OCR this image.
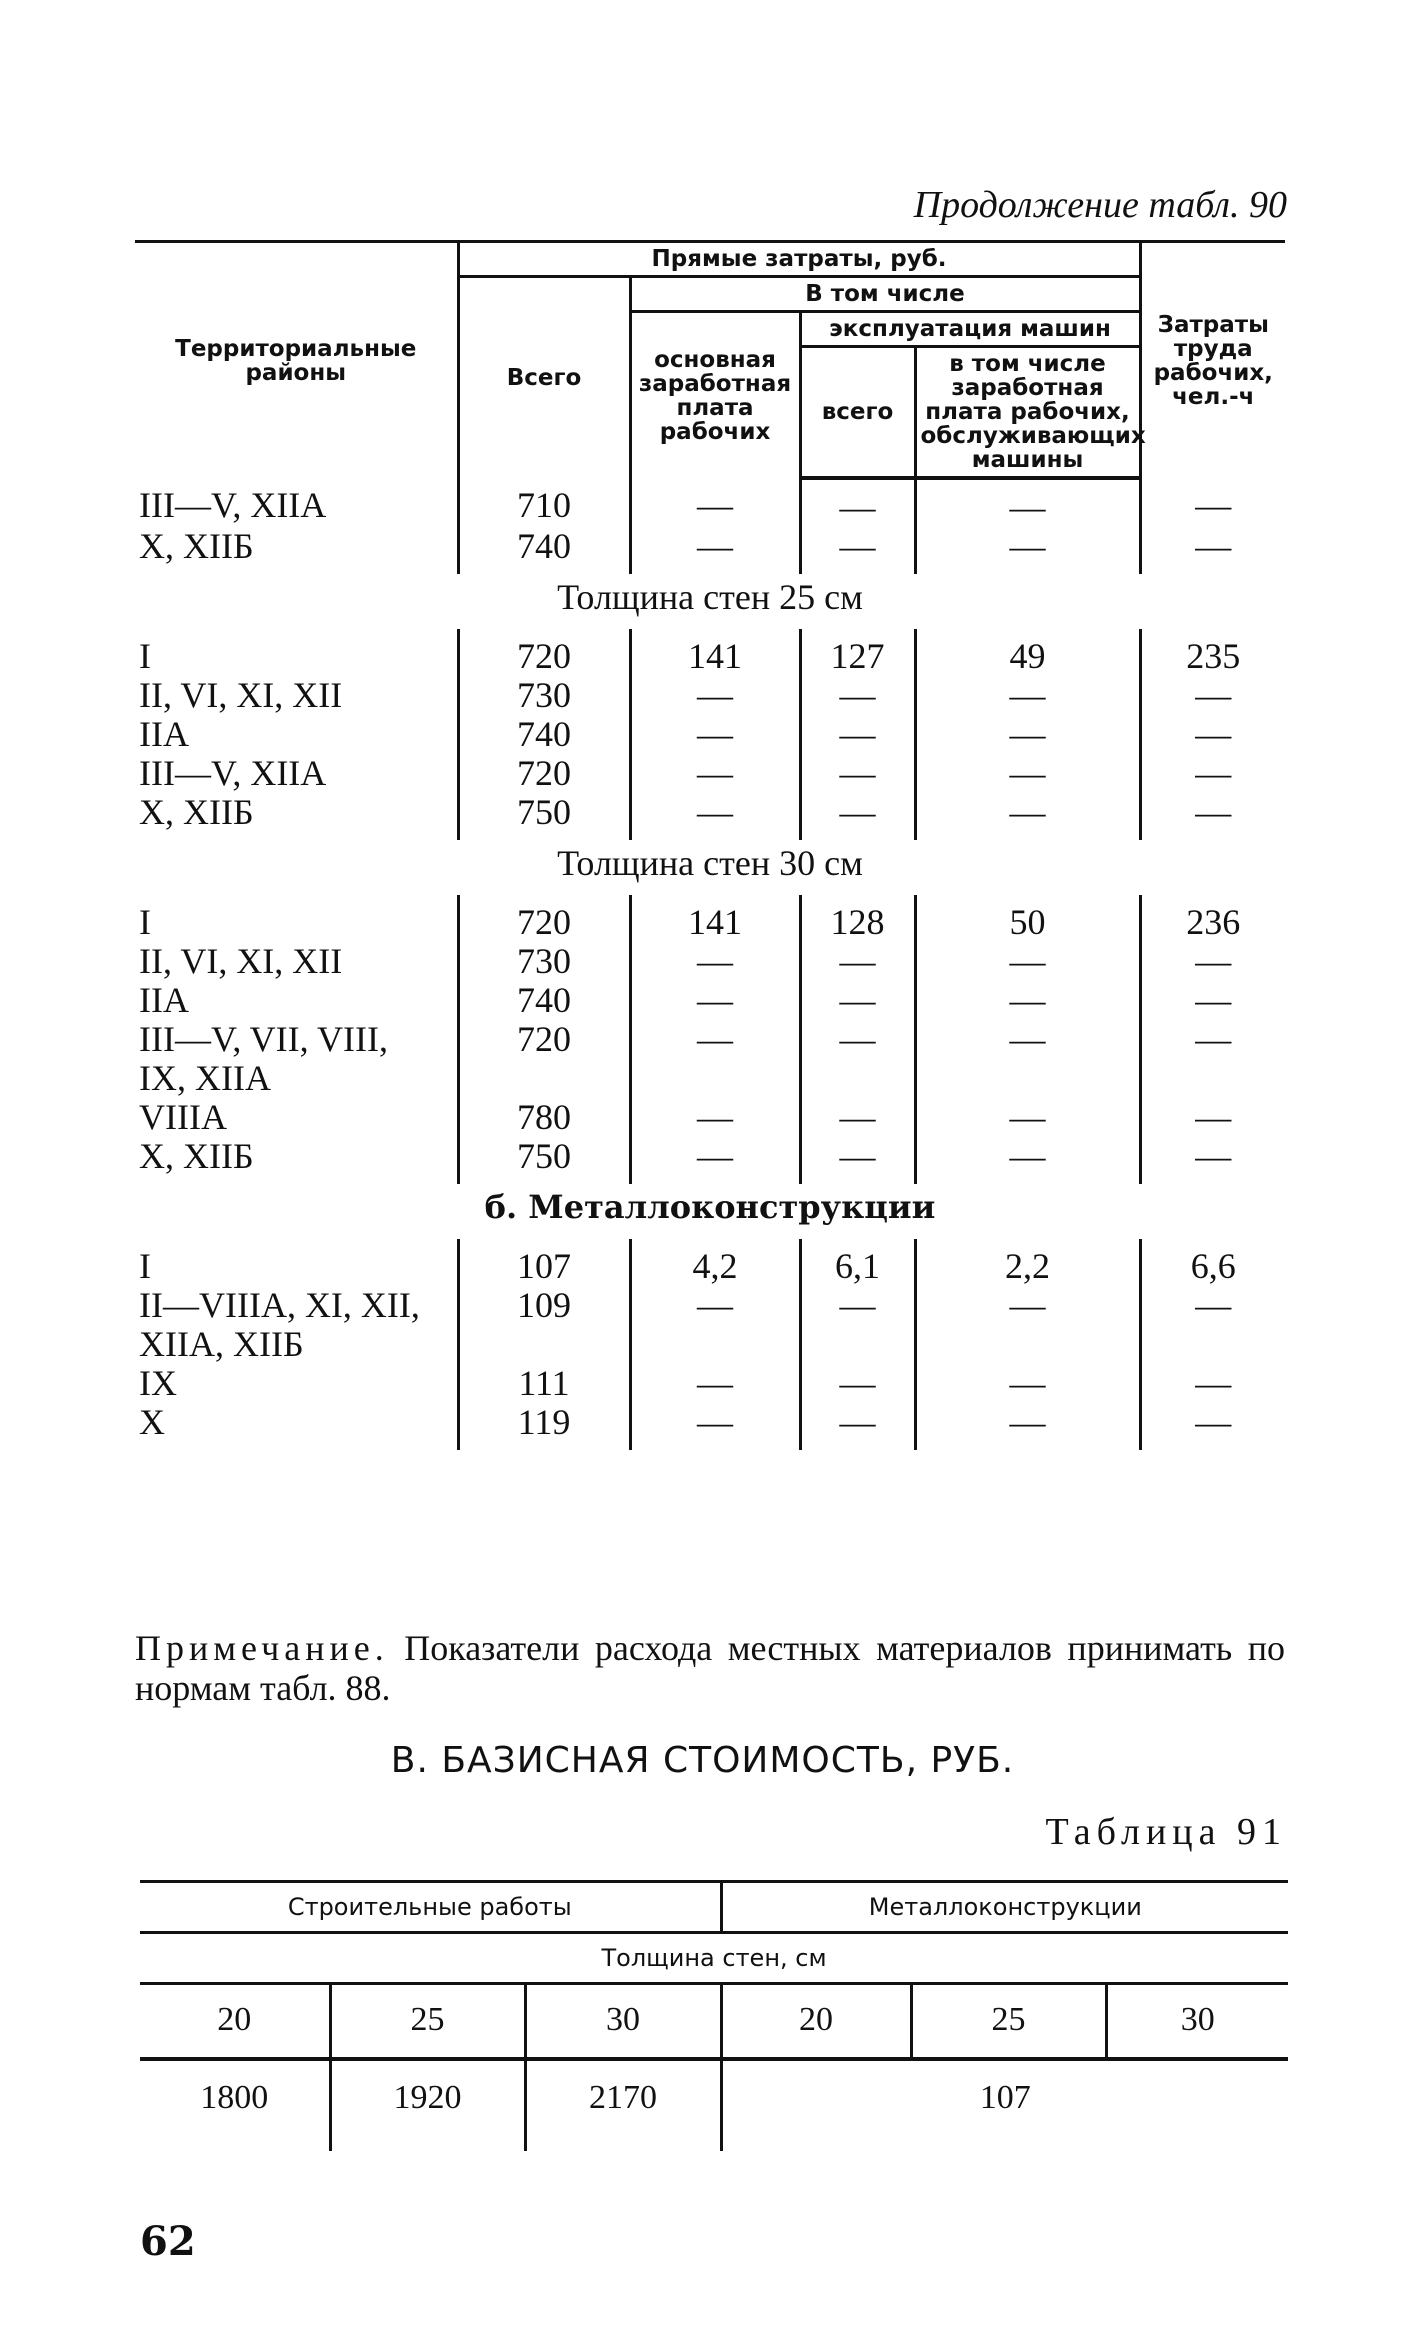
Продолжение табл. 90
Территориальные районы	Прямые затраты, руб.				Затраты труда рабочих, чел.-ч
	Всего	В том числе			
		основная заработная плата рабочих	эксплуатация машин		
			всего	в том числе заработная плата рабочих, обслуживающих машины	
III—V, XIIA	710	—	—	—	—
X, XIIБ	740	—	—	—	—
Толщина стен 25 см					
I	720	141	127	49	235
II, VI, XI, XII	730	—	—	—	—
IIA	740	—	—	—	—
III—V, XIIA	720	—	—	—	—
X, XIIБ	750	—	—	—	—
Толщина стен 30 см					
I	720	141	128	50	236
II, VI, XI, XII	730	—	—	—	—
IIA	740	—	—	—	—
III—V, VII, VIII,	720	—	—	—	—
IX, XIIA					
VIIIA	780	—	—	—	—
X, XIIБ	750	—	—	—	—
б. Металлоконструкции					
I	107	4,2	6,1	2,2	6,6
II—VIIIA, XI, XII,	109	—	—	—	—
XIIA, XIIБ					
IX	111	—	—	—	—
X	119	—	—	—	—
Примечание. Показатели расхода местных материалов принимать по нормам табл. 88.
В. БАЗИСНАЯ СТОИМОСТЬ, РУБ.
Таблица 91
Строительные работы			Металлоконструкции		
Толщина стен, см					
20	25	30	20	25	30
1800	1920	2170	107		
62
